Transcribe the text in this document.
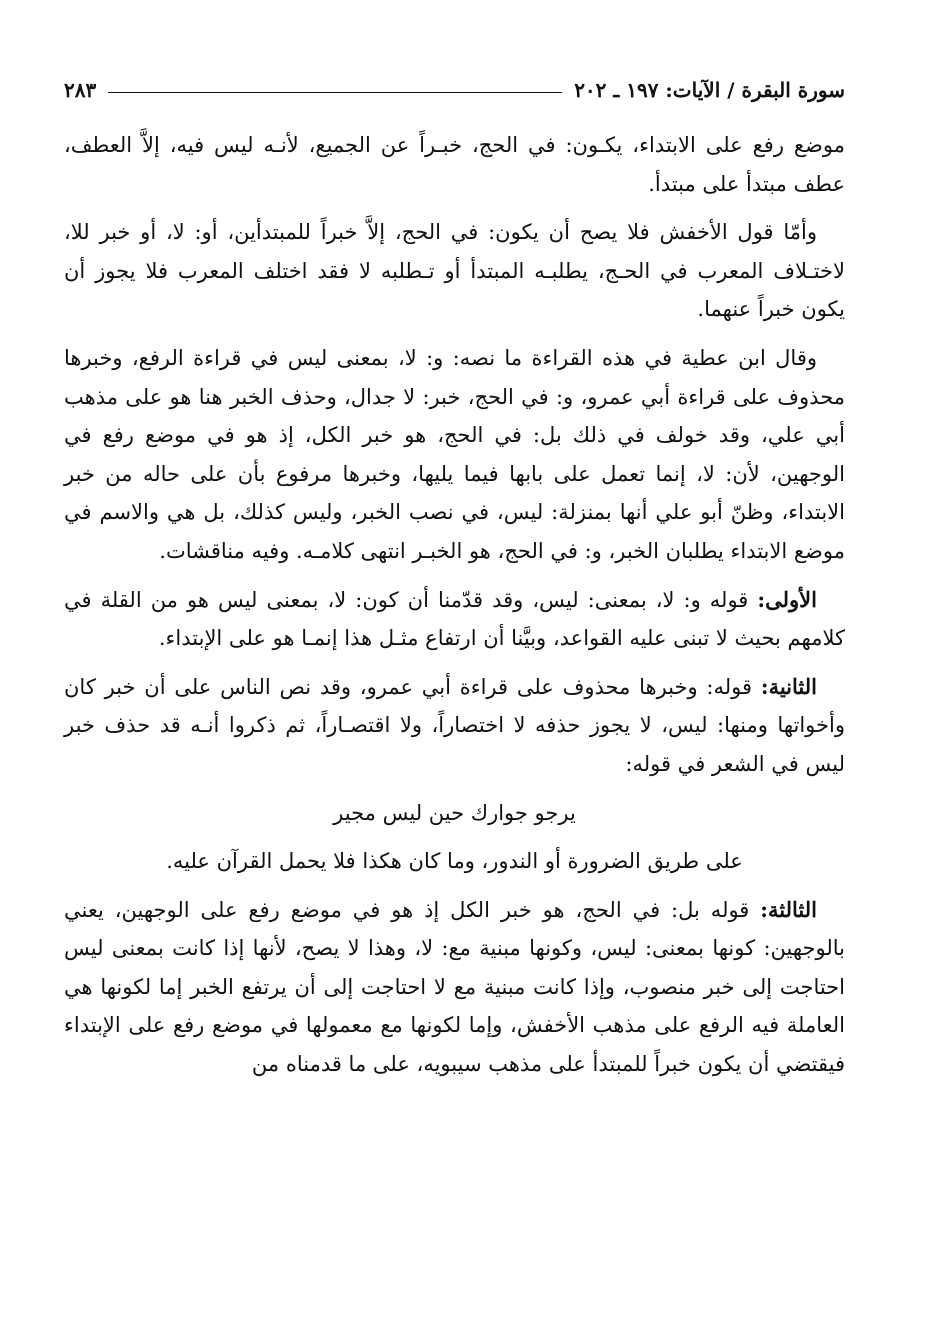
سورة البقرة / الآيات: ١٩٧ ـ ٢٠٢
٢٨٣

موضع رفع على الابتداء، يكـون: في الحج، خبـراً عن الجميع، لأنـه ليس فيه، إلاَّ العطف، عطف مبتدأ على مبتدأ.

وأمّا قول الأخفش فلا يصح أن يكون: في الحج، إلاَّ خبراً للمبتدأين، أو: لا، أو خبر للا، لاختـلاف المعرب في الحـج، يطلبـه المبتدأ أو تـطلبه لا فقد اختلف المعرب فلا يجوز أن يكون خبراً عنهما.

وقال ابن عطية في هذه القراءة ما نصه: و: لا، بمعنى ليس في قراءة الرفع، وخبرها محذوف على قراءة أبي عمرو، و: في الحج، خبر: لا جدال، وحذف الخبر هنا هو على مذهب أبي علي، وقد خولف في ذلك بل: في الحج، هو خبر الكل، إذ هو في موضع رفع في الوجهين، لأن: لا، إنما تعمل على بابها فيما يليها، وخبرها مرفوع بأن على حاله من خبر الابتداء، وظنّ أبو علي أنها بمنزلة: ليس، في نصب الخبر، وليس كذلك، بل هي والاسم في موضع الابتداء يطلبان الخبر، و: في الحج، هو الخبـر انتهى كلامـه. وفيه مناقشات.

الأولى: قوله و: لا، بمعنى: ليس، وقد قدّمنا أن كون: لا، بمعنى ليس هو من القلة في كلامهم بحيث لا تبنى عليه القواعد، وبيَّنا أن ارتفاع مثـل هذا إنمـا هو على الإبتداء.

الثانية: قوله: وخبرها محذوف على قراءة أبي عمرو، وقد نص الناس على أن خبر كان وأخواتها ومنها: ليس، لا يجوز حذفه لا اختصاراً، ولا اقتصـاراً، ثم ذكروا أنـه قد حذف خبر ليس في الشعر في قوله:

يرجو جوارك حين ليس مجير

على طريق الضرورة أو الندور، وما كان هكذا فلا يحمل القرآن عليه.

الثالثة: قوله بل: في الحج، هو خبر الكل إذ هو في موضع رفع على الوجهين، يعني بالوجهين: كونها بمعنى: ليس، وكونها مبنية مع: لا، وهذا لا يصح، لأنها إذا كانت بمعنى ليس احتاجت إلى خبر منصوب، وإذا كانت مبنية مع لا احتاجت إلى أن يرتفع الخبر إما لكونها هي العاملة فيه الرفع على مذهب الأخفش، وإما لكونها مع معمولها في موضع رفع على الإبتداء فيقتضي أن يكون خبراً للمبتدأ على مذهب سيبويه، على ما قدمناه من
